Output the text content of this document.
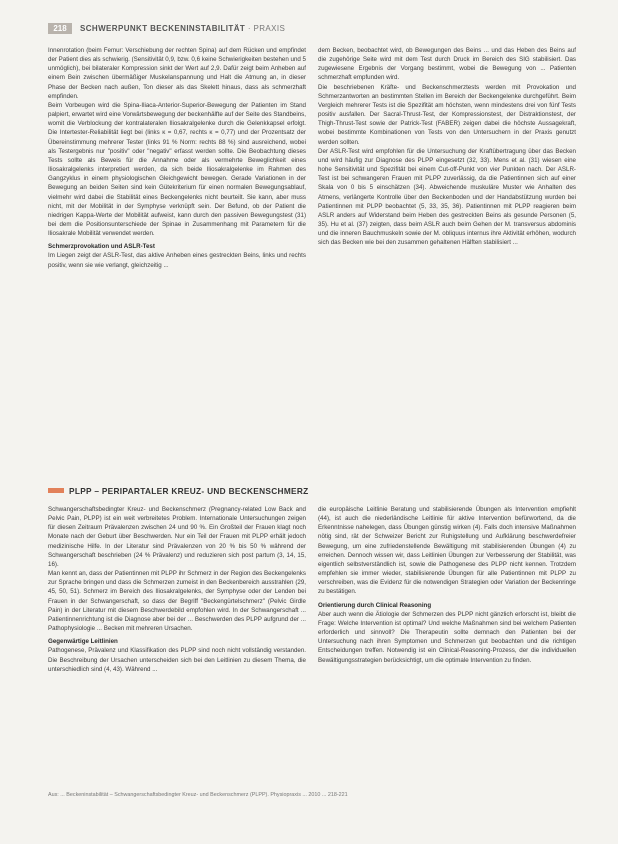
218	SCHWERPUNKT BECKENINSTABILITÄT · PRAXIS

Innenrotation (beim Femur: Verschiebung der rechten Spina) auf dem Rücken und empfindet der Patient dies als schwierig. (Sensitivität 0,9, bzw. 0,6 keine Schwierigkeiten bestehen und 5 unmöglich), bei bilateraler Kompression sinkt der Wert auf 2,9. Dafür zeigt beim Anheben auf einem Bein zwischen übermäßiger Muskelanspannung und Halt die Atmung an, in dieser Phase der Becken nach außen, Ton dieser als das Skelett hinaus, dass als schmerzhaft empfinden.

Beim Vorbeugen wird die Spina-Iliaca-Anterior-Superior-Bewegung der Patienten im Stand palpiert, erwartet wird eine Vorwärtsbewegung der beckenhälfte auf der Seite des Standbeins, womit die Verblockung der kontralateralen Iliosakralgelenke durch die Gelenkkapsel erfolgt. Die Intertester-Reliabilität liegt bei (links κ = 0,67, rechts κ = 0,77) und der Prozentsatz der Übereinstimmung mehrerer Tester (links 91 % Norm: rechts 88 %) sind ausreichend, wobei als Testergebnis nur "positiv" oder "negativ" erfasst werden sollte. Die Beobachtung dieses Tests sollte als Beweis für die Annahme oder als vermehrte Beweglichkeit eines Iliosakralgelenks interpretiert werden, da sich beide Iliosakralgelenke im Rahmen des Gangzyklus in einem physiologischen Gleichgewicht bewegen. Gerade Variationen in der Bewegung an beiden Seiten sind kein Gütekriterium für einen normalen Bewegungsablauf, vielmehr wird dabei die Stabilität eines Beckengelenks nicht beurteilt. Sie kann, aber muss nicht, mit der Mobilität in der Symphyse verknüpft sein. Der Befund, ob der Patient die niedrigen Kappa-Werte der Mobilität aufweist, kann durch den passiven Bewegungstest (31) bei dem die Positionsunterschiede der Spinae in Zusammenhang mit Parametern für die Iliosakrale Mobilität verwendet werden.

Schmerzprovokation und ASLR-Test

Im Liegen zeigt der ASLR-Test, das aktive Anheben eines gestreckten Beins, links und rechts positiv, wenn sie wie verlangt, gleichzeitig ...

dem Becken, beobachtet wird, ob Bewegungen des Beins ... und das Heben des Beins auf die zugehörige Seite wird mit dem Test durch Druck im Bereich des SIG stabilisiert. Das zugewiesene Ergebnis der Vorgang bestimmt, wobei die Bewegung von ... Patienten schmerzhaft empfunden wird.

Die beschriebenen Kräfte- und Beckenschmerztests werden mit Provokation und Schmerzantworten an bestimmten Stellen im Bereich der Beckengelenke durchgeführt. Beim Vergleich mehrerer Tests ist die Spezifität am höchsten, wenn mindestens drei von fünf Tests positiv ausfallen. Der Sacral-Thrust-Test, der Kompressionstest, der Distraktionstest, der Thigh-Thrust-Test sowie der Patrick-Test (FABER) zeigen dabei die höchste Aussagekraft, wobei bestimmte Kombinationen von Tests von den Untersuchern in der Praxis genutzt werden sollten.

Der ASLR-Test wird empfohlen für die Untersuchung der Kraftübertragung über das Becken und wird häufig zur Diagnose des PLPP eingesetzt (32, 33). Mens et al. (31) wiesen eine hohe Sensitivität und Spezifität bei einem Cut-off-Punkt von vier Punkten nach. Der ASLR-Test ist bei schwangeren Frauen mit PLPP zuverlässig, da die Patientinnen sich auf einer Skala von 0 bis 5 einschätzen (34). Abweichende muskuläre Muster wie Anhalten des Atmens, verlängerte Kontrolle über den Beckenboden und der Handabstützung wurden bei Patientinnen mit PLPP beobachtet (5, 33, 35, 36). Patientinnen mit PLPP reagieren beim ASLR anders auf Widerstand beim Heben des gestreckten Beins als gesunde Personen (5, 35). Hu et al. (37) zeigten, dass beim ASLR auch beim Gehen der M. transversus abdominis und die inneren Bauchmuskeln sowie der M. obliquus internus ihre Aktivität erhöhen, wodurch sich das Becken wie bei den zusammen gehaltenen Hälften stabilisiert ...

PLPP – PERIPARTALER KREUZ- UND BECKENSCHMERZ

Schwangerschaftsbedingter Kreuz- und Beckenschmerz (Pregnancy-related Low Back and Pelvic Pain, PLPP) ist ein weit verbreitetes Problem. Internationale Untersuchungen zeigen für diesen Zeitraum Prävalenzen zwischen 24 und 90 %. Ein Großteil der Frauen klagt noch Monate nach der Geburt über Beschwerden. Nur ein Teil der Frauen mit PLPP erhält jedoch medizinische Hilfe. In der Literatur sind Prävalenzen von 20 % bis 50 % während der Schwangerschaft beschrieben (24 % Prävalenz) und reduzieren sich post partum (3, 14, 15, 16).

Man kennt an, dass der Patientinnen mit PLPP ihr Schmerz in der Region des Beckengelenks zur Sprache bringen und dass die Schmerzen zumeist in den Beckenbereich ausstrahlen (29, 45, 50, 51). Schmerz im Bereich des Iliosakralgelenks, der Symphyse oder der Lenden bei Frauen in der Schwangerschaft, so dass der Begriff "Beckengürtelschmerz" (Pelvic Girdle Pain) in der Literatur mit diesem Beschwerdebild empfohlen wird. In der Schwangerschaft ... Patientinnenrichtung ist die Diagnose aber bei der ... Beschwerden des PLPP aufgrund der ... Pathophysiologie ... Becken mit mehreren Ursachen.

Gegenwärtige Leitlinien

Pathogenese, Prävalenz und Klassifikation des PLPP sind noch nicht vollständig verstanden. Die Beschreibung der Ursachen unterscheiden sich bei den Leitlinien zu diesem Thema, die unterschiedlich sind (4, 43). Während ...

die europäische Leitlinie Beratung und stabilisierende Übungen als Intervention empfiehlt (44), ist auch die niederländische Leitlinie für aktive Intervention befürwortend, da die Erkenntnisse nahelegen, dass Übungen günstig wirken (4). Falls doch intensive Maßnahmen nötig sind, rät der Schweizer Bericht zur Ruhigstellung und Aufklärung beschwerdefreier Bewegung, um eine zufriedenstellende Bewältigung mit stabilisierenden Übungen (4) zu erreichen. Dennoch wissen wir, dass Leitlinien Übungen zur Verbesserung der Stabilität, was eigentlich selbstverständlich ist, sowie die Pathogenese des PLPP nicht kennen. Trotzdem empfehlen sie immer wieder, stabilisierende Übungen für alle Patientinnen mit PLPP zu verschreiben, was die Evidenz für die notwendigen Strategien oder Variation der Beckenringe zu bestätigen.

Orientierung durch Clinical Reasoning

Aber auch wenn die Ätiologie der Schmerzen des PLPP nicht gänzlich erforscht ist, bleibt die Frage: Welche Intervention ist optimal? Und welche Maßnahmen sind bei welchem Patienten erforderlich und sinnvoll? Die Therapeutin sollte demnach den Patienten bei der Untersuchung nach ihren Symptomen und Schmerzen gut beobachten und die richtigen Entscheidungen treffen. Notwendig ist ein Clinical-Reasoning-Prozess, der die individuellen Bewältigungsstrategien berücksichtigt, um die optimale Intervention zu finden.

Aus: ... Beckeninstabilität – Schwangerschaftsbedingter Kreuz- und Beckenschmerz (PLPP). Physiopraxis ... 2010 ... 218-221
